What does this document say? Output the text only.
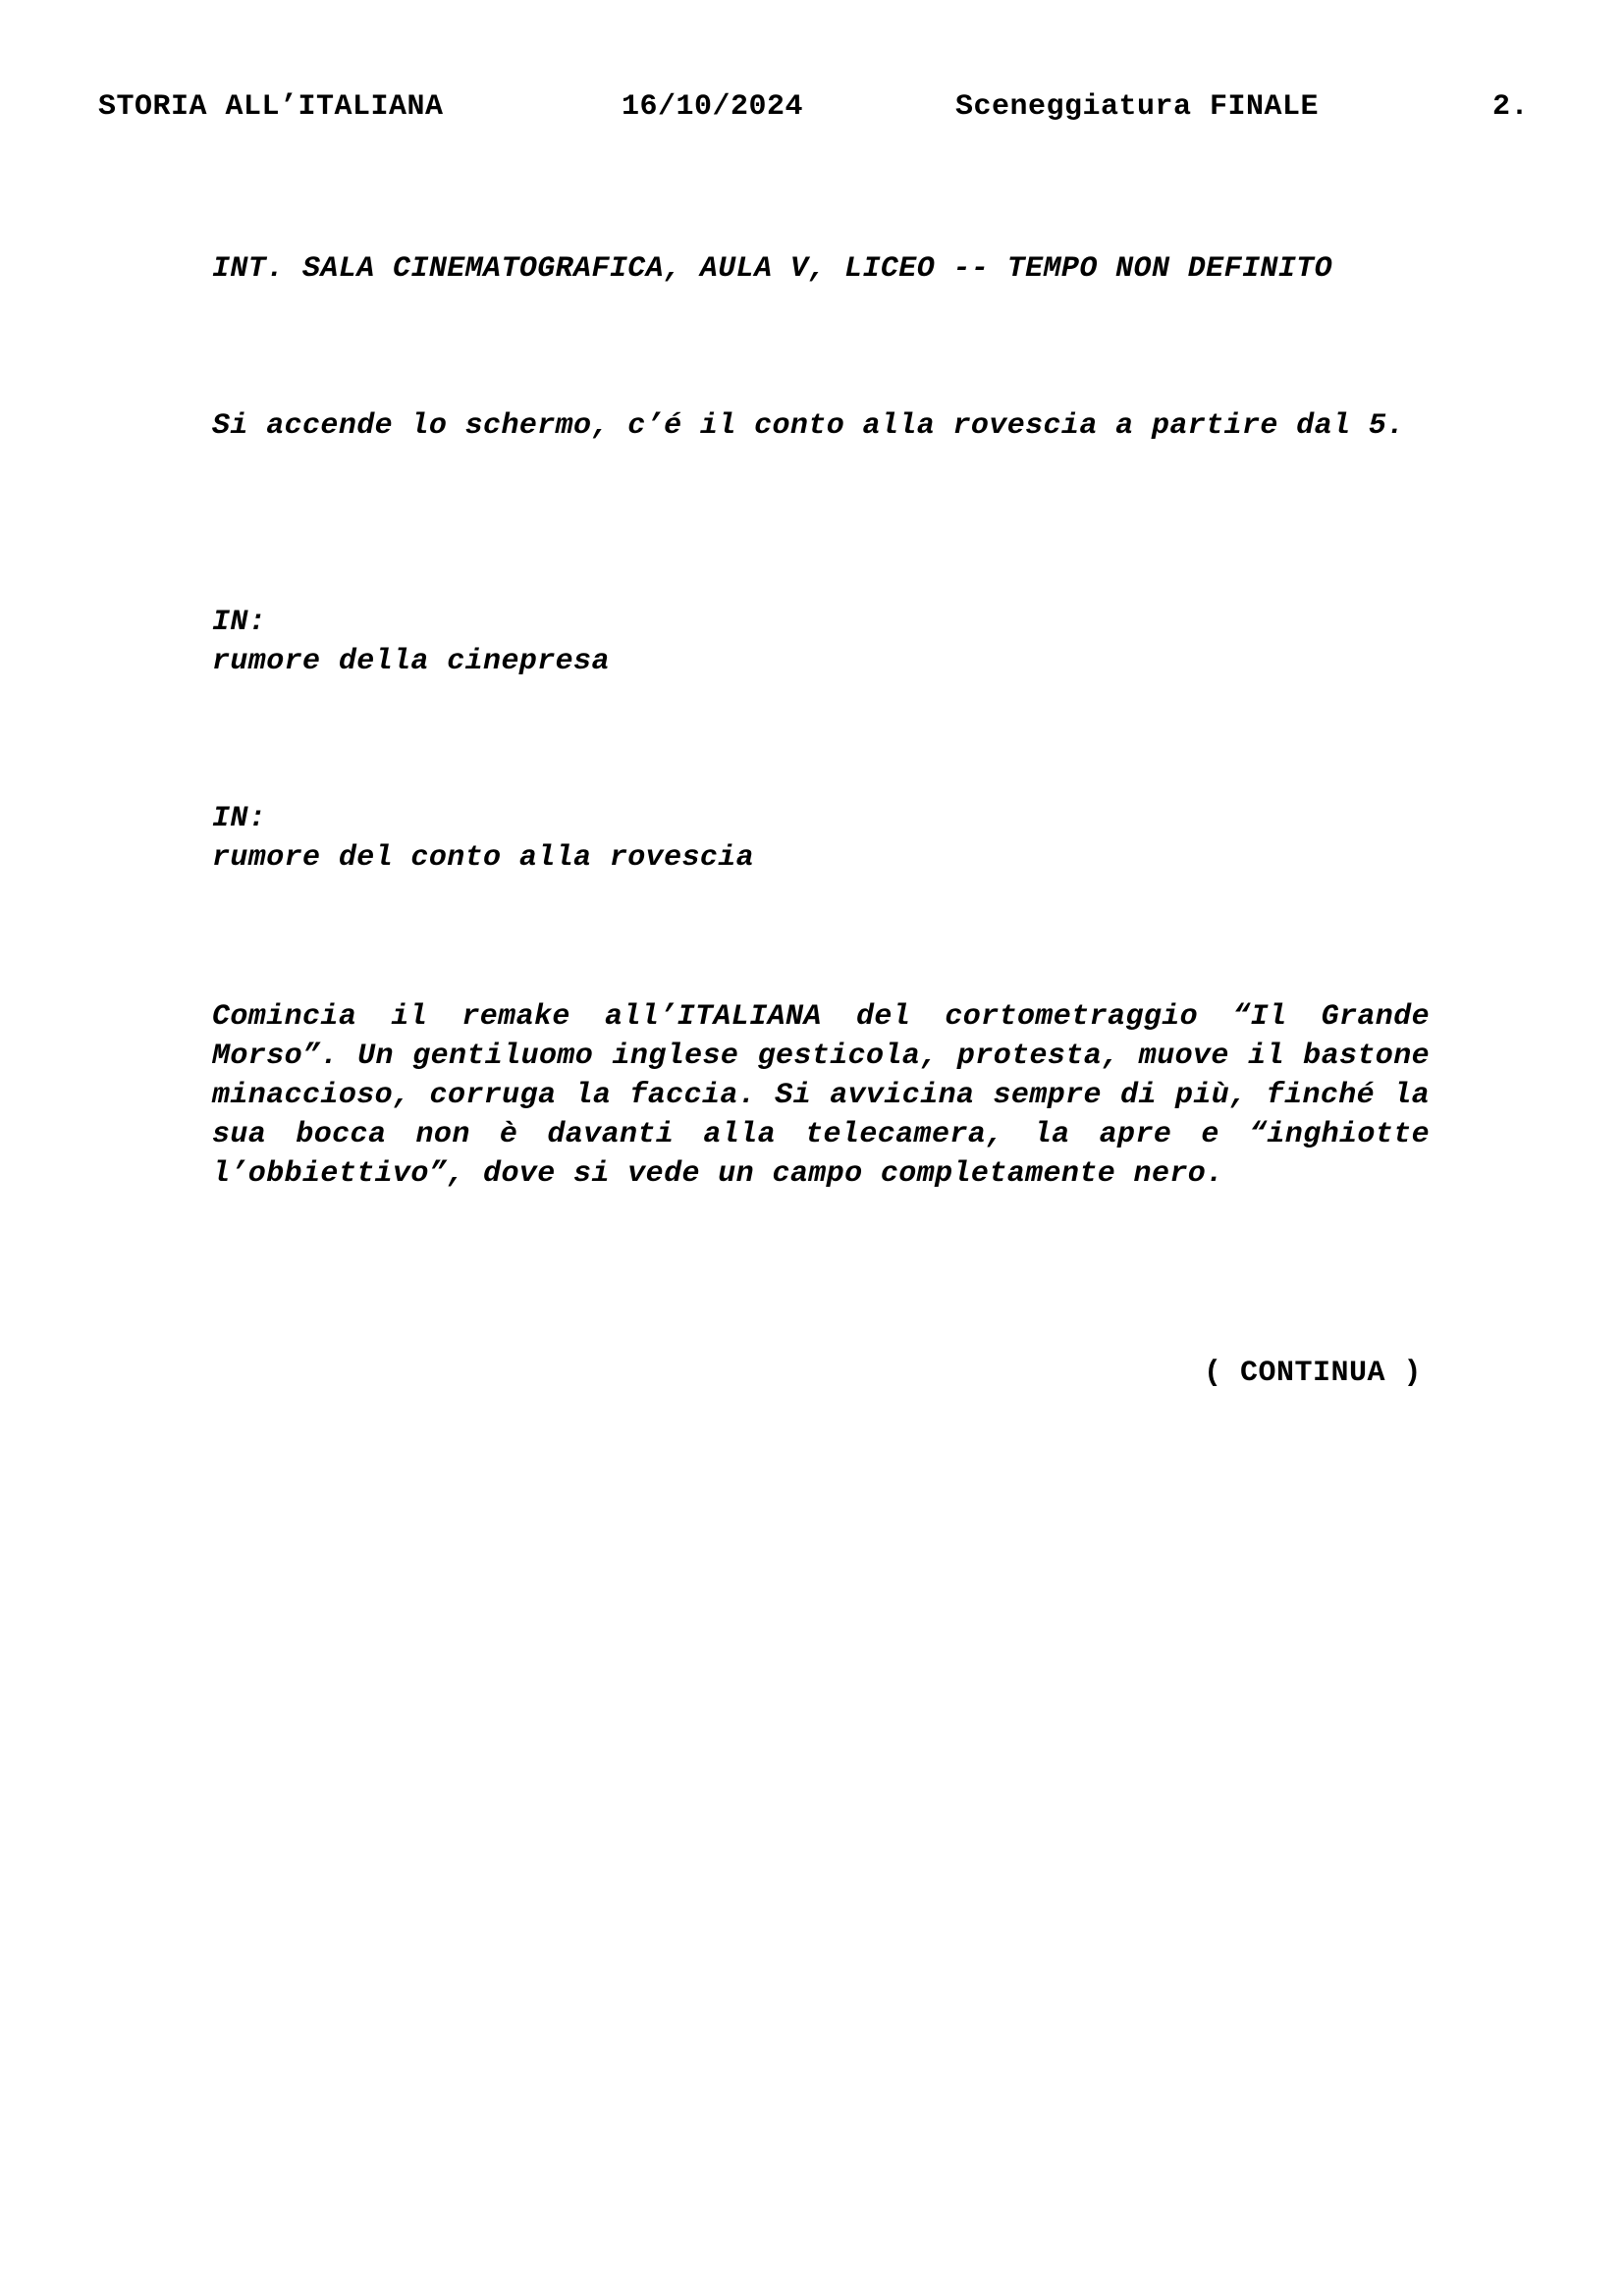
STORIA ALL’ITALIANA

	16/10/2024

	Sceneggiatura FINALE

	2.

INT. SALA CINEMATOGRAFICA, AULA V, LICEO -- TEMPO NON DEFINITO
Si accende lo schermo, c’é il conto alla rovescia a partire dal 5.
IN:
rumore della cinepresa
IN:
rumore del conto alla rovescia
Comincia il remake all’ITALIANA del cortometraggio “Il Grande Morso”. Un gentiluomo inglese gesticola, protesta, muove il bastone minaccioso, corruga la faccia. Si avvicina sempre di più, finché la sua bocca non è davanti alla telecamera, la apre e “inghiotte l’obbiettivo”, dove si vede un campo completamente nero.
( CONTINUA )
